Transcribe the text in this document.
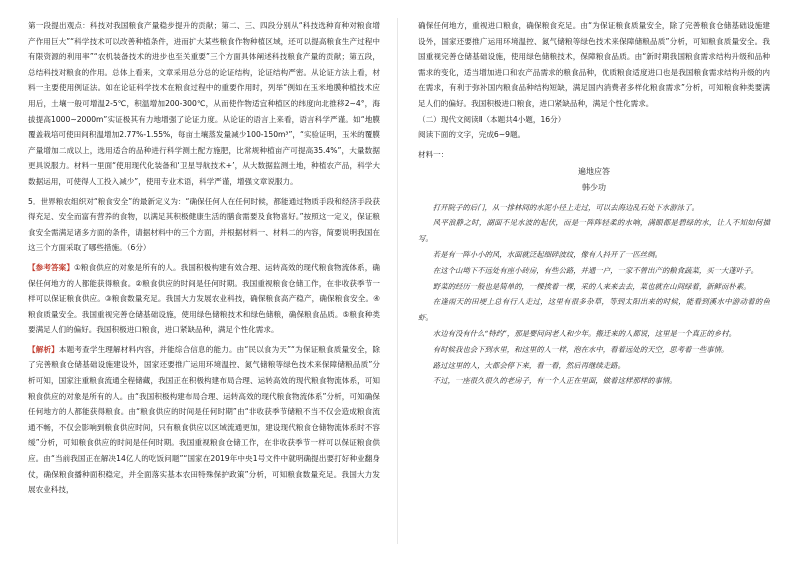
第一段提出观点：科技对我国粮食产量稳步提升的贡献；第二、三、四段分别从“科技选种育种对粮食增产作用巨大”“科学技术可以改善种植条件，进而扩大某些粮食作物种植区域，还可以提高粮食生产过程中有限资源的利用率”“农机装备技术的进步也至关重要”三个方面具体阐述科技粮食产量的贡献；第五段，总结科技对粮食的作用。总体上看来，文章采用总分总的论证结构，论证结构严密。从论证方法上看，材料一主要使用例证法。如在论证科学技术在粮食过程中的重要作用时，列举“例如在玉米地膜种植技术应用后，土壤一般可增温2-5℃，积温增加200-300℃，从而使作物适宜种植区的纬度向北推移2~4°，海拔提高1000~2000m”实证极其有力地增强了论证力度。从论证的语言上来看，语言科学严谨。如“地膜覆盖栽培可使田间积温增加2.77%-1.55%，每亩土壤蒸发量减少100-150m³”，“实验证明，玉米的覆膜产量增加二成以上，选用适合的品种进行科学测土配方施肥，比常规种植亩产可提高35.4%”，大量数据更具说服力。材料一里面“使用现代化装备和‘卫星导航技术+’，从大数据监测土地，种植农产品，科学大数据运用，可使得人工投入减少”，使用专业术语，科学严谨，增强文章说服力。

5．世界粮农组织对“粮食安全”的最新定义为：“确保任何人在任何时候，都能通过物质手段和经济手段获得充足、安全而富有营养的食物，以满足其积极健康生活的膳食需要及食物喜好。”按照这一定义，保证粮食安全需满足诸多方面的条件，请据材料中的三个方面，并根据材料一、材料二的内容，简要说明我国在这三个方面采取了哪些措施。（6分）

【参考答案】①粮食供应的对象是所有的人。我国积极构建有效合理、运转高效的现代粮食物流体系，确保任何地方的人都能获得粮食。②粮食供应的时间是任何时期。我国重视粮食仓储工作，在非收获季节一样可以保证粮食供应。③粮食数量充足。我国大力发展农业科技，确保粮食高产稳产，确保粮食安全。④粮食质量安全。我国重视完善仓储基础设施，使用绿色储粮技术和绿色储粮，确保粮食品质。⑤粮食种类要满足人们的偏好。我国积极进口粮食，进口紧缺品种，满足个性化需求。

【解析】本题考查学生理解材料内容，并能综合信息的能力。由“民以食为天”“为保证粮食质量安全，除了完善粮食仓储基础设施建设外，国家还要推广运用环境温控、氮气储粮等绿色技术来保障储粮品质”分析可知，国家注重粮食流通全程储藏，我国正在积极构建布局合理、运转高效的现代粮食物流体系，可知粮食供应的对象是所有的人。由“我国积极构建布局合理、运转高效的现代粮食物流体系”分析，可知确保任何地方的人都能获得粮食。由“粮食供应的时间是任何时期”由“非收获季节储粮不当不仅会造成粮食流通不畅，不仅会影响到粮食供应时间，只有粮食供应以区域流通更加，建设现代粮食仓储物流体系时不容缓”分析，可知粮食供应的时间是任何时期。我国重视粮食仓储工作，在非收获季节一样可以保证粮食供应。由“当前我国正在解决14亿人的吃饭问题”“国家在2019年中央1号文件中就明确提出要打好种业翻身仗，确保粮食播种面积稳定，并全面落实基本农田特殊保护政策”分析，可知粮食数量充足。我国大力发展农业科技，

确保任何地方，重视进口粮食，确保粮食充足。由“为保证粮食质量安全，除了完善粮食仓储基础设施建设外，国家还要推广运用环境温控、氮气储粮等绿色技术来保障储粮品质”分析，可知粮食质量安全。我国重视完善仓储基础设施，使用绿色储粮技术，保障粮食品质。由“新时期我国粮食需求结构升级和品种需求的变化，适当增加进口和农产品需求的粮食品种，优质粮食适度进口也是我国粮食需求结构升级的内在需求，有利于弥补国内粮食品种结构短缺，满足国内消费者多样化粮食需求”分析，可知粮食种类要满足人们的偏好。我国积极进口粮食，进口紧缺品种，满足个性化需求。

（二）现代文阅读Ⅱ（本题共4小题，16分）

阅读下面的文字，完成6~9题。

材料一：

遍地应答

韩少功

打开院子的后门，从一排林间的水泥小径上走过，可以去海边乱石处下水游泳了。

风平浪静之时，湖面不见水波的起伏，而是一阵阵轻柔的水响，满眼都是碧绿的水，让人不知如何描写。

若是有一阵小小的风，水面就泛起细碎波纹，像有人抖开了一匹丝绸。

在这个山坳下不远处有座小砖房，有些公路，并通一户，一家不曾出产的粮食蔬菜，买一大蓬叶子。

野菜的经历一般也是简单的，一棵挨着一棵，采的人来来去去，菜也就在山间绿着，新鲜而朴素。

在逢雨天的田埂上总有行人走过，这里有很多杂草，等到太阳出来的时候，能看到溪水中游动着的鱼虾。

水边有没有什么“特约”，那是要问问老人和少年。搬迁来的人都说，这里是一个真正的乡村。

有时候我也会下到水里，和这里的人一样，泡在水中，看着远处的天空，思考着一些事情。

路过这里的人，大都会停下来，看一看，然后再继续走路。

不过，一座很久很久的老房子，有一个人正在里面，做着这样那样的事情。
